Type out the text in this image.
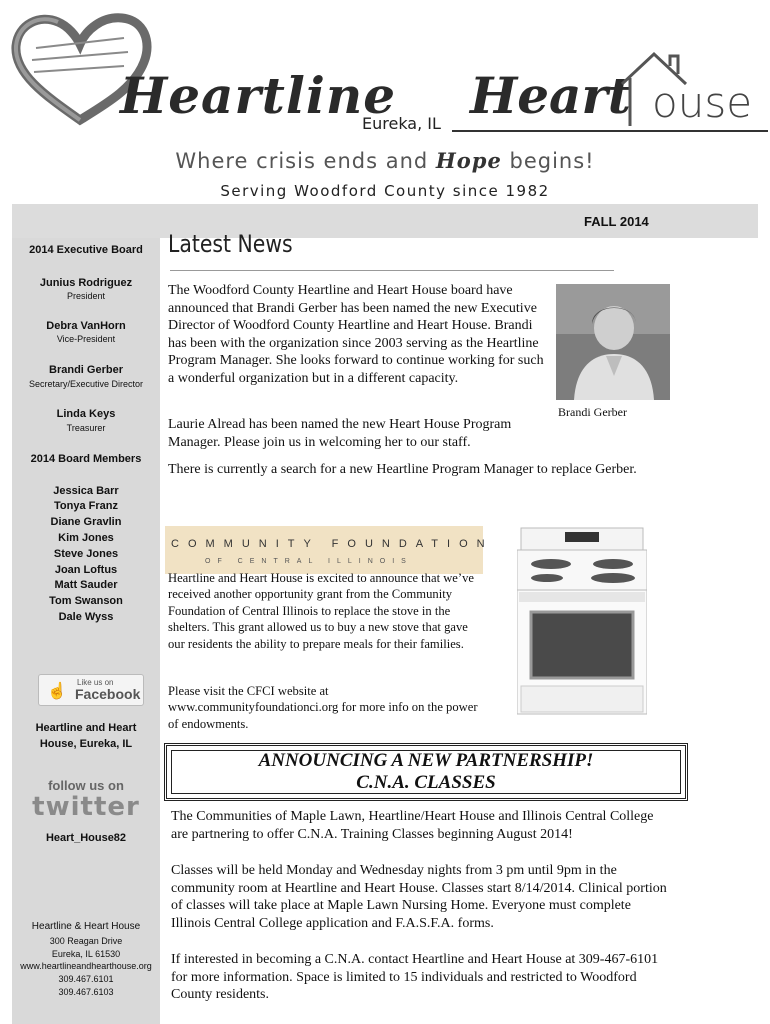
Heartline
Eureka, IL Heart ouse
Where crisis ends and Hope begins!
Serving Woodford County since 1982
FALL 2014
2014 Executive Board
Junius Rodriguez
President
Debra VanHorn
Vice-President
Brandi Gerber
Secretary/Executive Director
Linda Keys
Treasurer
2014 Board Members
Jessica Barr
Tonya Franz
Diane Gravlin
Kim Jones
Steve Jones
Joan Loftus
Matt Sauder
Tom Swanson
Dale Wyss
☝
Like us on
Facebook
Heartline and Heart
House, Eureka, IL
follow us on
twitter
Heart_House82
Heartline & Heart House
300 Reagan Drive
Eureka, IL 61530
www.heartlineandhearthouse.org
309.467.6101
309.467.6103
Latest News
The Woodford County Heartline and Heart House board have announced that Brandi Gerber has been named the new Executive Director of Woodford County Heartline and Heart House. Brandi has been with the organization since 2003 serving as the Heartline Program Manager. She looks forward to continue working for such a wonderful organization but in a different capacity.
Brandi Gerber
Laurie Alread has been named the new Heart House Program Manager. Please join us in welcoming her to our staff.
There is currently a search for a new Heartline Program Manager to replace Gerber.
COMMUNITY FOUNDATION
OF CENTRAL ILLINOIS
Heartline and Heart House is excited to announce that we’ve received another opportunity grant from the Community Foundation of Central Illinois to replace the stove in the shelters. This grant allowed us to buy a new stove that gave our residents the ability to prepare meals for their families.
Please visit the CFCI website at www.communityfoundationci.org for more info on the power of endowments.
ANNOUNCING A NEW PARTNERSHIP!
C.N.A. CLASSES
The Communities of Maple Lawn, Heartline/Heart House and Illinois Central College are partnering to offer C.N.A. Training Classes beginning August 2014!
Classes will be held Monday and Wednesday nights from 3 pm until 9pm in the community room at Heartline and Heart House. Classes start 8/14/2014. Clinical portion of classes will take place at Maple Lawn Nursing Home. Everyone must complete Illinois Central College application and F.A.S.F.A. forms.
If interested in becoming a C.N.A. contact Heartline and Heart House at 309-467-6101 for more information. Space is limited to 15 individuals and restricted to Woodford County residents.
